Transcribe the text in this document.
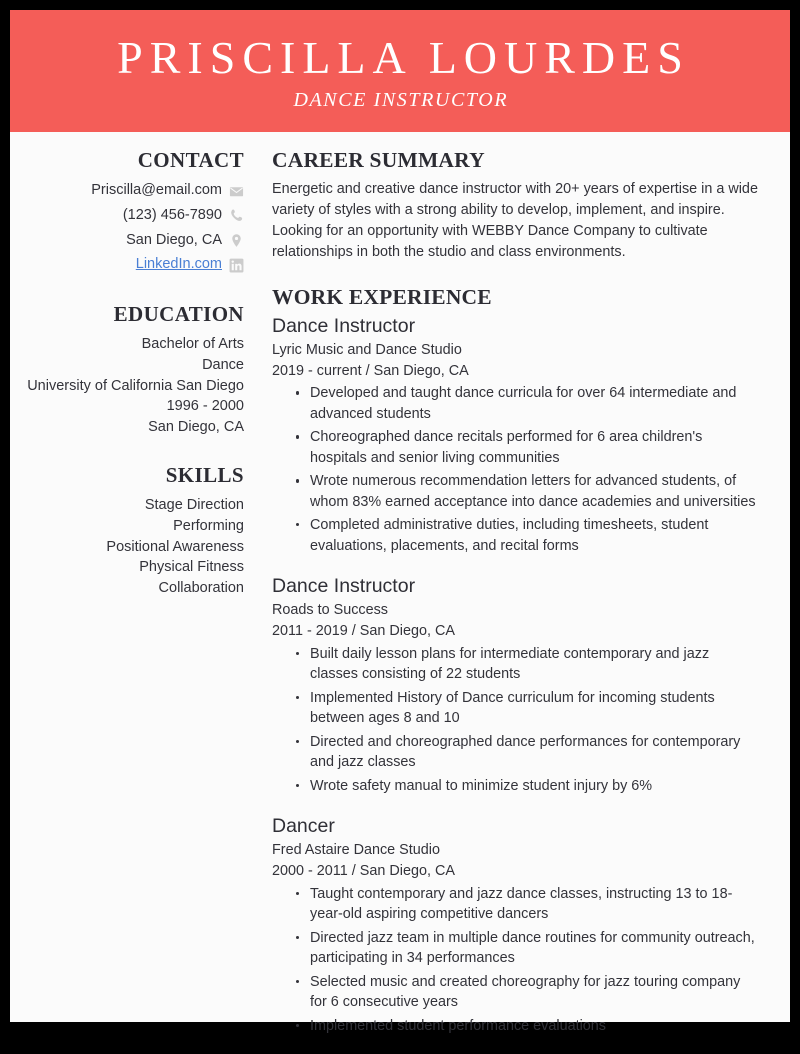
PRISCILLA LOURDES
DANCE INSTRUCTOR
CONTACT
Priscilla@email.com
(123) 456-7890
San Diego, CA
LinkedIn.com
EDUCATION
Bachelor of Arts
Dance
University of California San Diego
1996 - 2000
San Diego, CA
SKILLS
Stage Direction
Performing
Positional Awareness
Physical Fitness
Collaboration
CAREER SUMMARY

Energetic and creative dance instructor with 20+ years of expertise in a wide variety of styles with a strong ability to develop, implement, and inspire. Looking for an opportunity with WEBBY Dance Company to cultivate relationships in both the studio and class environments.

WORK EXPERIENCE
Dance Instructor
Lyric Music and Dance Studio
2019 - current / San Diego, CA
Developed and taught dance curricula for over 64 intermediate and advanced students
Choreographed dance recitals performed for 6 area children's hospitals and senior living communities
Wrote numerous recommendation letters for advanced students, of whom 83% earned acceptance into dance academies and universities
Completed administrative duties, including timesheets, student evaluations, placements, and recital forms
Dance Instructor
Roads to Success
2011 - 2019 / San Diego, CA
Built daily lesson plans for intermediate contemporary and jazz classes consisting of 22 students
Implemented History of Dance curriculum for incoming students between ages 8 and 10
Directed and choreographed dance performances for contemporary and jazz classes
Wrote safety manual to minimize student injury by 6%
Dancer
Fred Astaire Dance Studio
2000 - 2011 / San Diego, CA
Taught contemporary and jazz dance classes, instructing 13 to 18-year-old aspiring competitive dancers
Directed jazz team in multiple dance routines for community outreach, participating in 34 performances
Selected music and created choreography for jazz touring company for 6 consecutive years
Implemented student performance evaluations
